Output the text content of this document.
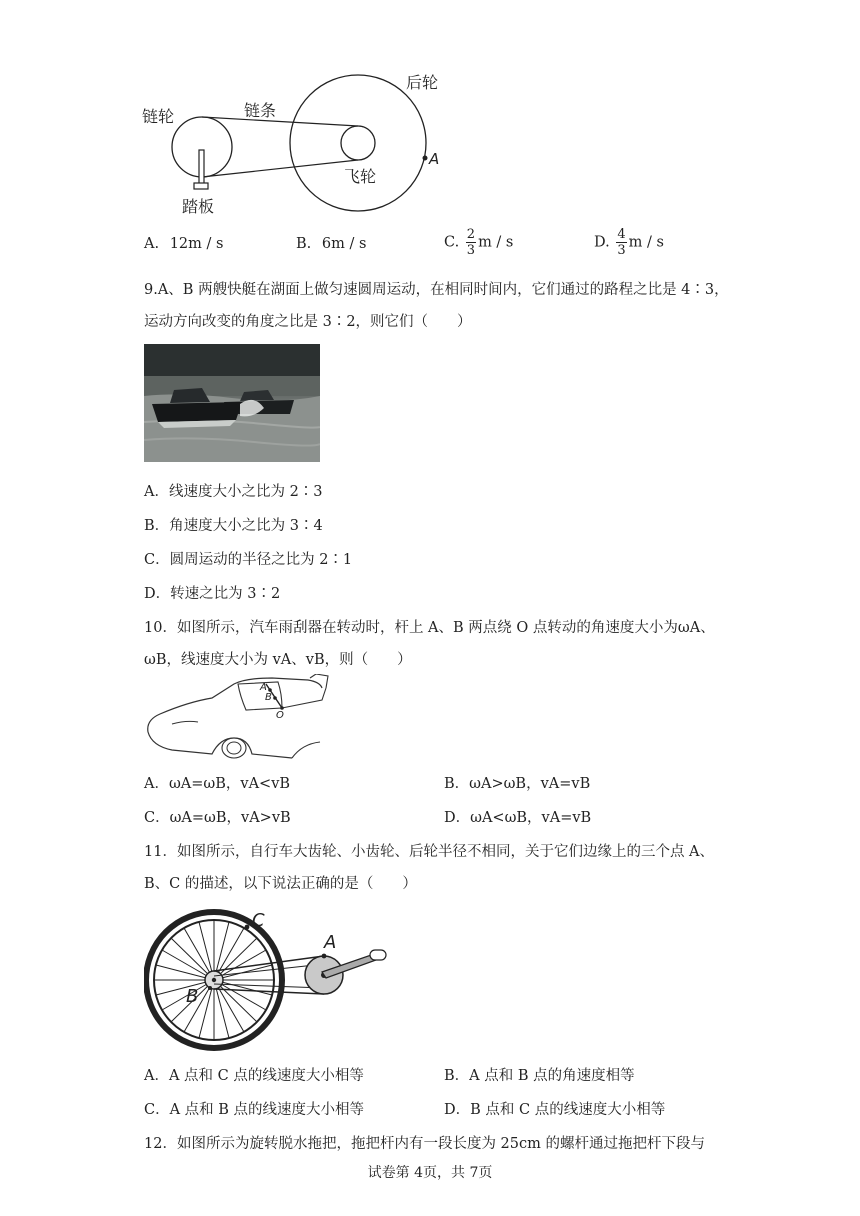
A
链轮	链条
后轮
飞轮
踏板
A. 12m / s	B. 6m / s	C. $\frac{2}{3}$ m / s	D. $\frac{4}{3}$ m / s
9.A、B 两艘快艇在湖面上做匀速圆周运动，在相同时间内，它们通过的路程之比是 4∶3，
运动方向改变的角度之比是 3∶2，则它们（　　）
A．线速度大小之比为 2∶3
B．角速度大小之比为 3∶4
C．圆周运动的半径之比为 2∶1
D．转速之比为 3∶2
10．如图所示，汽车雨刮器在转动时，杆上 A、B 两点绕 O 点转动的角速度大小为ωA、
ωB，线速度大小为 vA、vB，则（　　）
A
B
O
A．ωA=ωB，vA<vB	B．ωA>ωB，vA=vB
C．ωA=ωB，vA>vB	D．ωA<ωB，vA=vB
11．如图所示，自行车大齿轮、小齿轮、后轮半径不相同，关于它们边缘上的三个点 A、
B、C 的描述，以下说法正确的是（　　）
A
B
C
A．A 点和 C 点的线速度大小相等	B．A 点和 B 点的角速度相等
C．A 点和 B 点的线速度大小相等	D．B 点和 C 点的线速度大小相等
12．如图所示为旋转脱水拖把，拖把杆内有一段长度为 25cm 的螺杆通过拖把杆下段与
试卷第 4页，共 7页
